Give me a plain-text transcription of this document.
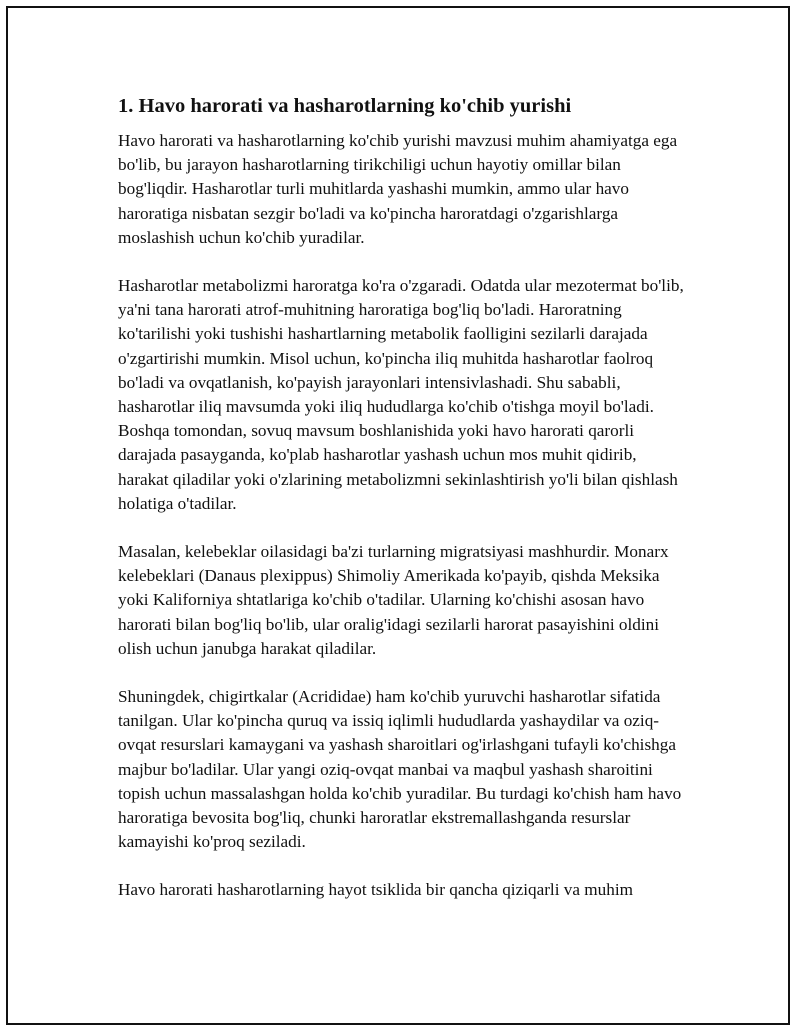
1. Havo harorati va hasharotlarning ko'chib yurishi

Havo harorati va hasharotlarning ko'chib yurishi mavzusi muhim ahamiyatga ega bo'lib, bu jarayon hasharotlarning tirikchiligi uchun hayotiy omillar bilan bog'liqdir. Hasharotlar turli muhitlarda yashashi mumkin, ammo ular havo haroratiga nisbatan sezgir bo'ladi va ko'pincha haroratdagi o'zgarishlarga moslashish uchun ko'chib yuradilar.

Hasharotlar metabolizmi haroratga ko'ra o'zgaradi. Odatda ular mezotermat bo'lib, ya'ni tana harorati atrof-muhitning haroratiga bog'liq bo'ladi. Haroratning ko'tarilishi yoki tushishi hashartlarning metabolik faolligini sezilarli darajada o'zgartirishi mumkin. Misol uchun, ko'pincha iliq muhitda hasharotlar faolroq bo'ladi va ovqatlanish, ko'payish jarayonlari intensivlashadi. Shu sababli, hasharotlar iliq mavsumda yoki iliq hududlarga ko'chib o'tishga moyil bo'ladi. Boshqa tomondan, sovuq mavsum boshlanishida yoki havo harorati qarorli darajada pasayganda, ko'plab hasharotlar yashash uchun mos muhit qidirib, harakat qiladilar yoki o'zlarining metabolizmni sekinlashtirish yo'li bilan qishlash holatiga o'tadilar.

Masalan, kelebeklar oilasidagi ba'zi turlarning migratsiyasi mashhurdir. Monarx kelebeklari (Danaus plexippus) Shimoliy Amerikada ko'payib, qishda Meksika yoki Kaliforniya shtatlariga ko'chib o'tadilar. Ularning ko'chishi asosan havo harorati bilan bog'liq bo'lib, ular oralig'idagi sezilarli harorat pasayishini oldini olish uchun janubga harakat qiladilar.

Shuningdek, chigirtkalar (Acrididae) ham ko'chib yuruvchi hasharotlar sifatida tanilgan. Ular ko'pincha quruq va issiq iqlimli hududlarda yashaydilar va oziq-ovqat resurslari kamaygani va yashash sharoitlari og'irlashgani tufayli ko'chishga majbur bo'ladilar. Ular yangi oziq-ovqat manbai va maqbul yashash sharoitini topish uchun massalashgan holda ko'chib yuradilar. Bu turdagi ko'chish ham havo haroratiga bevosita bog'liq, chunki haroratlar ekstremallashganda resurslar kamayishi ko'proq seziladi.

Havo harorati hasharotlarning hayot tsiklida bir qancha qiziqarli va muhim
